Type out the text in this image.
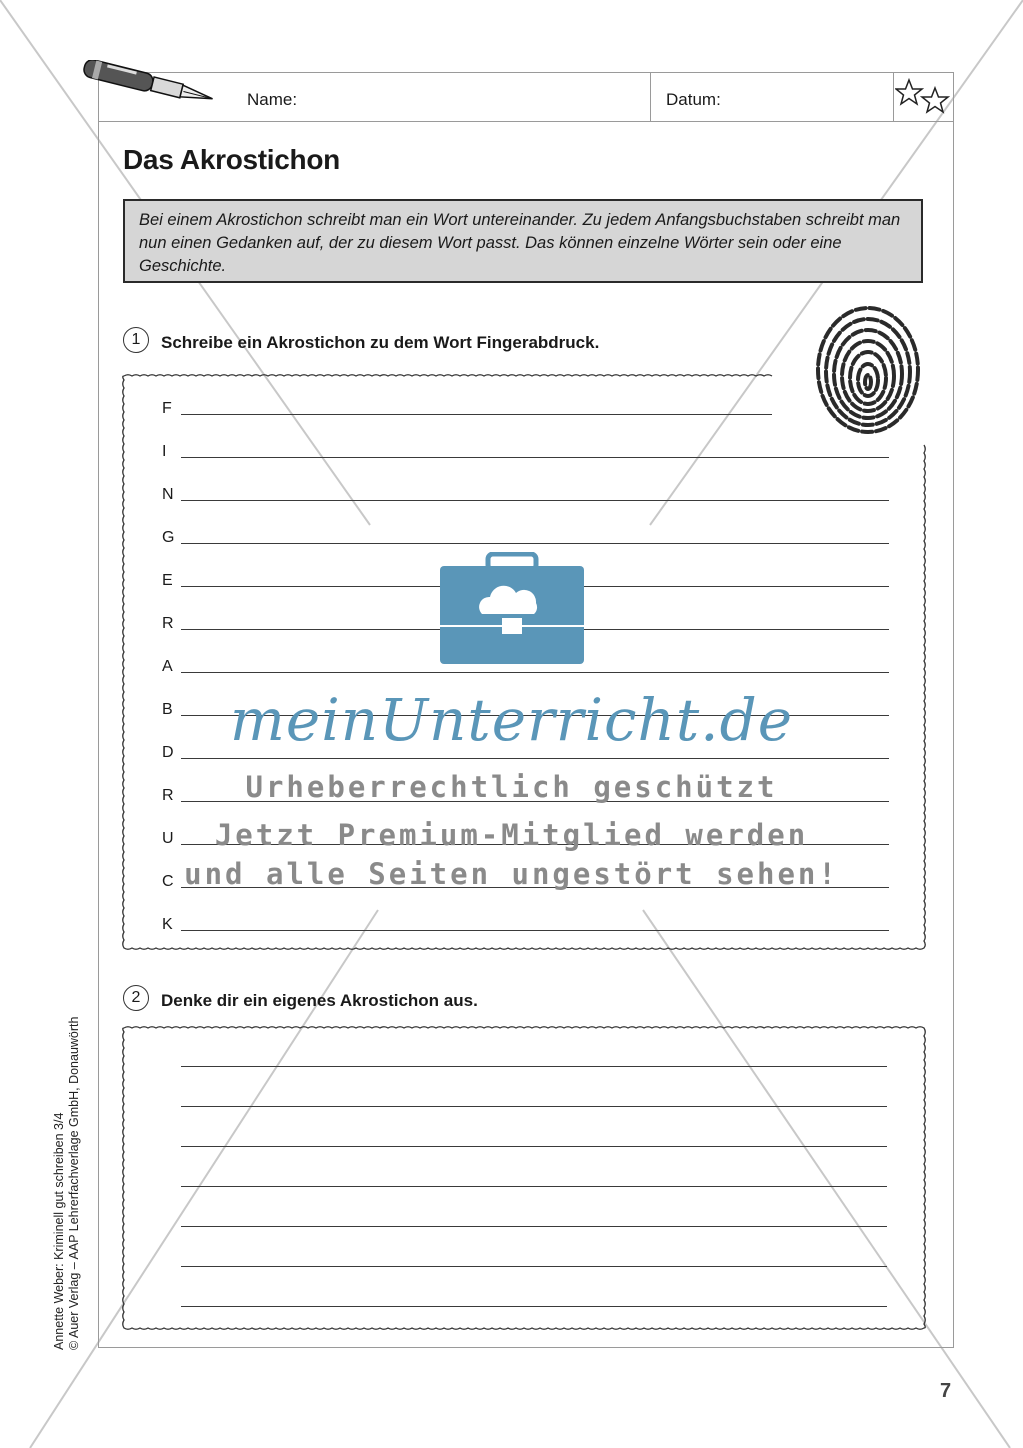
Name:	Datum:
Das Akrostichon
Bei einem Akrostichon schreibt man ein Wort untereinander. Zu jedem Anfangsbuchstaben schreibt man nun einen Gedanken auf, der zu diesem Wort passt. Das können einzelne Wörter sein oder eine Geschichte.
1	Schreibe ein Akrostichon zu dem Wort Fingerabdruck.
F
I
N
G
E
R
A
B
D
R
U
C
K
meinUnterricht.de
Urheberrechtlich geschützt
Jetzt Premium-Mitglied werden
und alle Seiten ungestört sehen!
2	Denke dir ein eigenes Akrostichon aus.
Annette Weber: Kriminell gut schreiben 3/4 © Auer Verlag – AAP Lehrerfachverlage GmbH, Donauwörth
7
